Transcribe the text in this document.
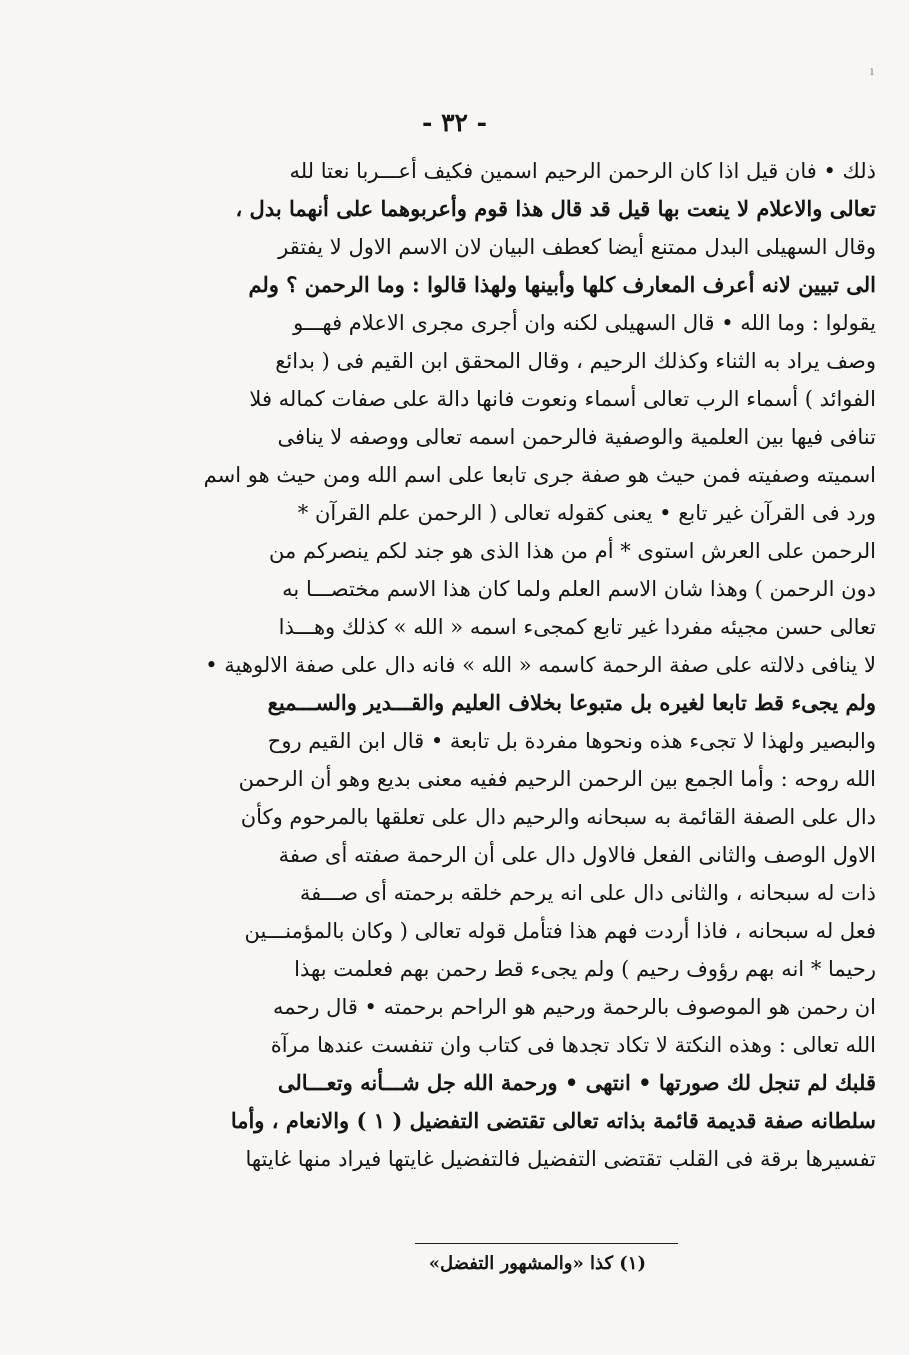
ı
- ٣٢ -
ذلك • فان قيل اذا كان الرحمن الرحيم اسمين فكيف أعـــربا نعتا لله
تعالى والاعلام لا ينعت بها قيل قد قال هذا قوم وأعربوهما على أنهما بدل ،
وقال السهيلى البدل ممتنع أيضا كعطف البيان لان الاسم الاول لا يفتقر
الى تبيين لانه أعرف المعارف كلها وأبينها ولهذا قالوا : وما الرحمن ؟ ولم
يقولوا : وما الله • قال السهيلى لكنه وان أجرى مجرى الاعلام فهـــو
وصف يراد به الثناء وكذلك الرحيم ، وقال المحقق ابن القيم فى ( بدائع
الفوائد ) أسماء الرب تعالى أسماء ونعوت فانها دالة على صفات كماله فلا
تنافى فيها بين العلمية والوصفية فالرحمن اسمه تعالى ووصفه لا ينافى
اسميته وصفيته فمن حيث هو صفة جرى تابعا على اسم الله ومن حيث هو اسم
ورد فى القرآن غير تابع • يعنى كقوله تعالى ( الرحمن علم القرآن *
الرحمن على العرش استوى * أم من هذا الذى هو جند لكم ينصركم من
دون الرحمن ) وهذا شان الاسم العلم ولما كان هذا الاسم مختصـــا به
تعالى حسن مجيئه مفردا غير تابع كمجىء اسمه « الله » كذلك وهـــذا
لا ينافى دلالته على صفة الرحمة كاسمه « الله » فانه دال على صفة الالوهية •
ولم يجىء قط تابعا لغيره بل متبوعا بخلاف العليم والقـــدير والســـميع
والبصير ولهذا لا تجىء هذه ونحوها مفردة بل تابعة • قال ابن القيم روح
الله روحه : وأما الجمع بين الرحمن الرحيم ففيه معنى بديع وهو أن الرحمن
دال على الصفة القائمة به سبحانه والرحيم دال على تعلقها بالمرحوم وكأن
الاول الوصف والثانى الفعل فالاول دال على أن الرحمة صفته أى صفة
ذات له سبحانه ، والثانى دال على انه يرحم خلقه برحمته أى صـــفة
فعل له سبحانه ، فاذا أردت فهم هذا فتأمل قوله تعالى ( وكان بالمؤمنـــين
رحيما * انه بهم رؤوف رحيم ) ولم يجىء قط رحمن بهم فعلمت بهذا
ان رحمن هو الموصوف بالرحمة ورحيم هو الراحم برحمته • قال رحمه
الله تعالى : وهذه النكتة لا تكاد تجدها فى كتاب وان تنفست عندها مرآة
قلبك لم تنجل لك صورتها • انتهى • ورحمة الله جل شـــأنه وتعـــالى
سلطانه صفة قديمة قائمة بذاته تعالى تقتضى التفضيل ( ١ ) والانعام ، وأما
تفسيرها برقة فى القلب تقتضى التفضيل فالتفضيل غايتها فيراد منها غايتها
(١) كذا «والمشهور التفضل»
